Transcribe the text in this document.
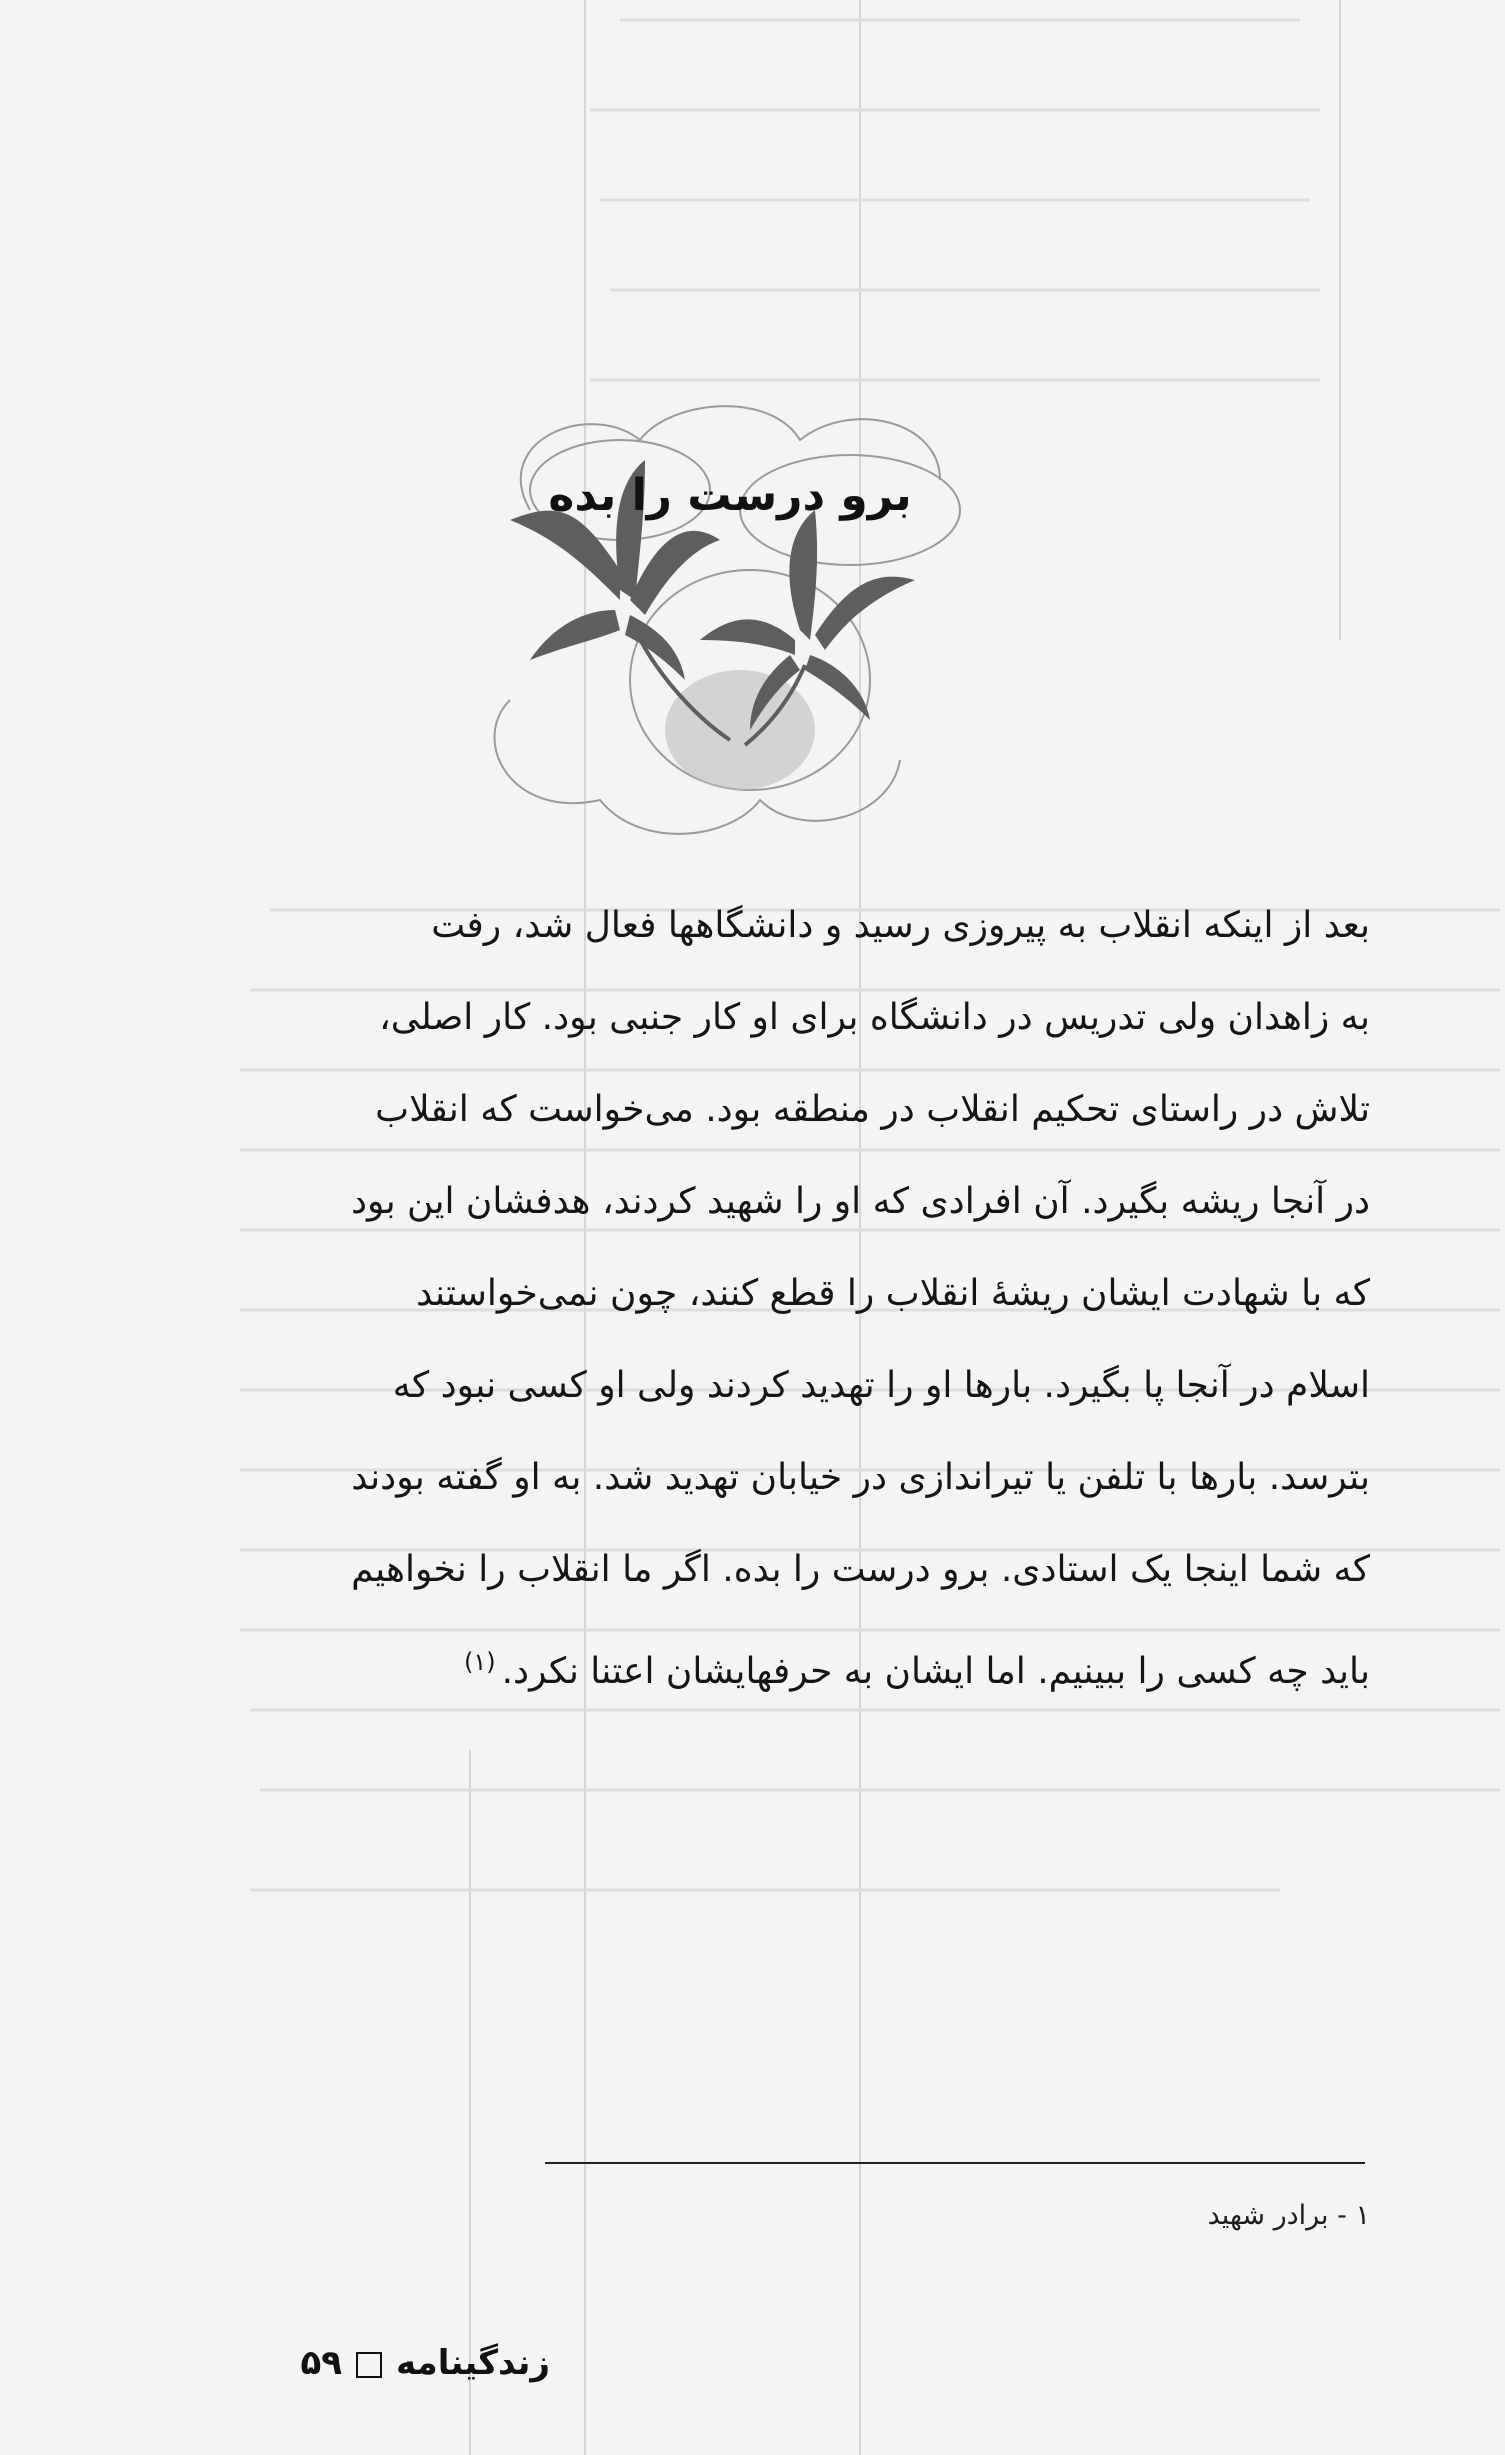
برو درست را بده
بعد از اینکه انقلاب به پیروزی رسید و دانشگاهها فعال شد، رفت
به زاهدان ولی تدریس در دانشگاه برای او کار جنبی بود. کار اصلی،
تلاش در راستای تحکیم انقلاب در منطقه بود. می‌خواست که انقلاب
در آنجا ریشه بگیرد. آن افرادی که او را شهید کردند، هدفشان این بود
که با شهادت ایشان ریشهٔ انقلاب را قطع کنند، چون نمی‌خواستند
اسلام در آنجا پا بگیرد. بارها او را تهدید کردند ولی او کسی نبود که
بترسد. بارها با تلفن یا تیراندازی در خیابان تهدید شد. به او گفته بودند
که شما اینجا یک استادی. برو درست را بده. اگر ما انقلاب را نخواهیم
باید چه کسی را ببینیم. اما ایشان به حرفهایشان اعتنا نکرد.$^{(۱)}$
۱ - برادر شهید
زندگینامه۵۹
